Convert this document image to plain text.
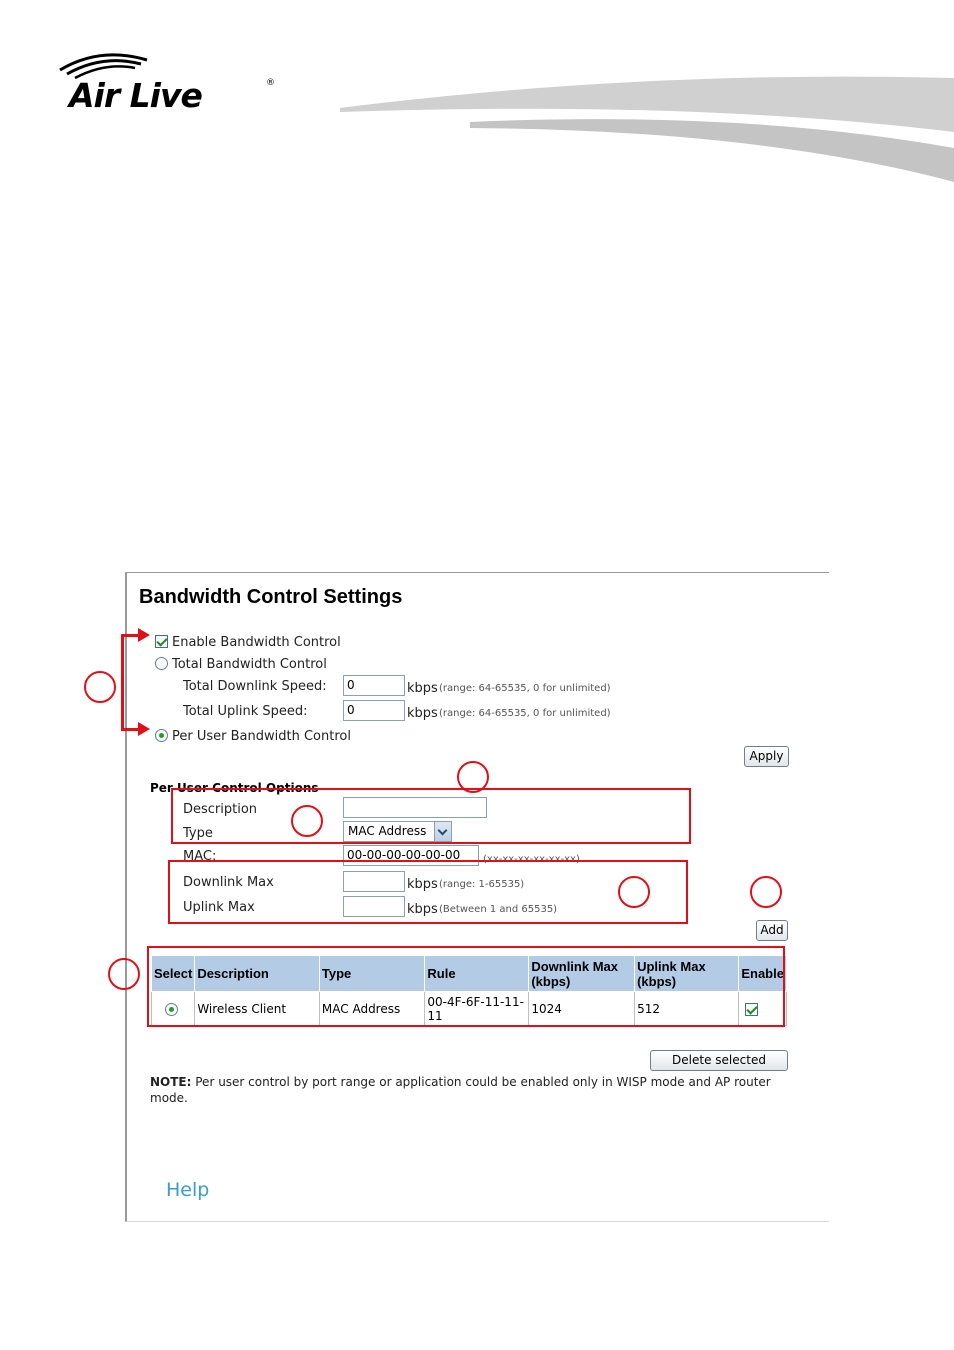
Air Live	®
Bandwidth Control Settings
Enable Bandwidth Control
Total Bandwidth Control
Total Downlink Speed:	0	kbps (range: 64-65535, 0 for unlimited)
Total Uplink Speed:	0	kbps (range: 64-65535, 0 for unlimited)
Per User Bandwidth Control
Apply
Per User Control Options
Description
Type	MAC Address
MAC:	00-00-00-00-00-00	(xx-xx-xx-xx-xx-xx)
Downlink Max	kbps (range: 1-65535)
Uplink Max	kbps (Between 1 and 65535)
Add
Select	Description	Type	Rule	Downlink Max (kbps)	Uplink Max (kbps)	Enable

	Wireless Client	MAC Address	00-4F-6F-11-11-11	1024	512	
Delete selected
NOTE: Per user control by port range or application could be enabled only in WISP mode and AP router mode.
Help
